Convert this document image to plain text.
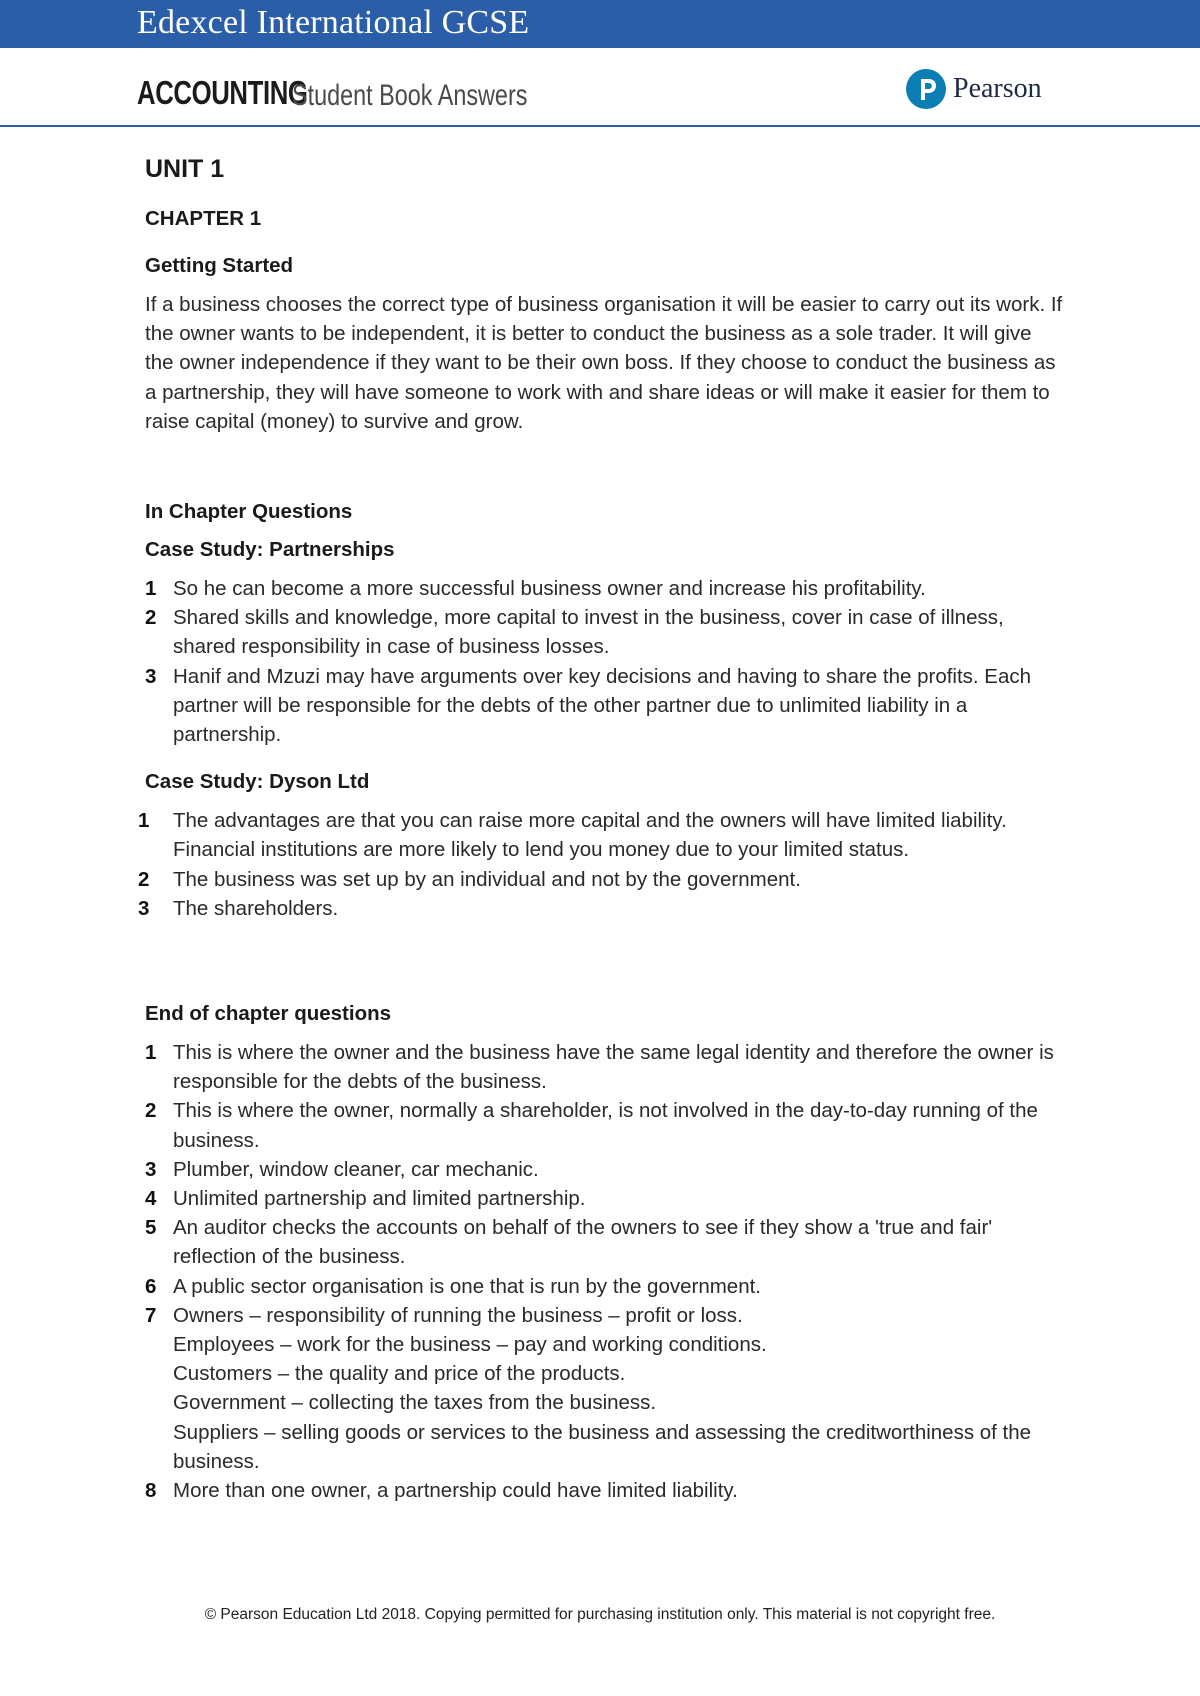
Edexcel International GCSE
ACCOUNTING
Student Book Answers	Pearson
UNIT 1
CHAPTER 1
Getting Started

If a business chooses the correct type of business organisation it will be easier to carry out its work. If the owner wants to be independent, it is better to conduct the business as a sole trader. It will give the owner independence if they want to be their own boss. If they choose to conduct the business as a partnership, they will have someone to work with and share ideas or will make it easier for them to raise capital (money) to survive and grow.

In Chapter Questions
Case Study: Partnerships
1 So he can become a more successful business owner and increase his profitability.
2 Shared skills and knowledge, more capital to invest in the business, cover in case of illness, shared responsibility in case of business losses.
3 Hanif and Mzuzi may have arguments over key decisions and having to share the profits. Each partner will be responsible for the debts of the other partner due to unlimited liability in a partnership.
Case Study: Dyson Ltd
1	The advantages are that you can raise more capital and the owners will have limited liability. Financial institutions are more likely to lend you money due to your limited status.
2	The business was set up by an individual and not by the government.
3	The shareholders.
End of chapter questions
1 This is where the owner and the business have the same legal identity and therefore the owner is responsible for the debts of the business.
2 This is where the owner, normally a shareholder, is not involved in the day-to-day running of the business.
3 Plumber, window cleaner, car mechanic.
4 Unlimited partnership and limited partnership.
5 An auditor checks the accounts on behalf of the owners to see if they show a 'true and fair' reflection of the business.
6 A public sector organisation is one that is run by the government.
7 Owners – responsibility of running the business – profit or loss.
Employees – work for the business – pay and working conditions.
Customers – the quality and price of the products.
Government – collecting the taxes from the business.
Suppliers – selling goods or services to the business and assessing the creditworthiness of the business.
8 More than one owner, a partnership could have limited liability.
© Pearson Education Ltd 2018. Copying permitted for purchasing institution only. This material is not copyright free.
